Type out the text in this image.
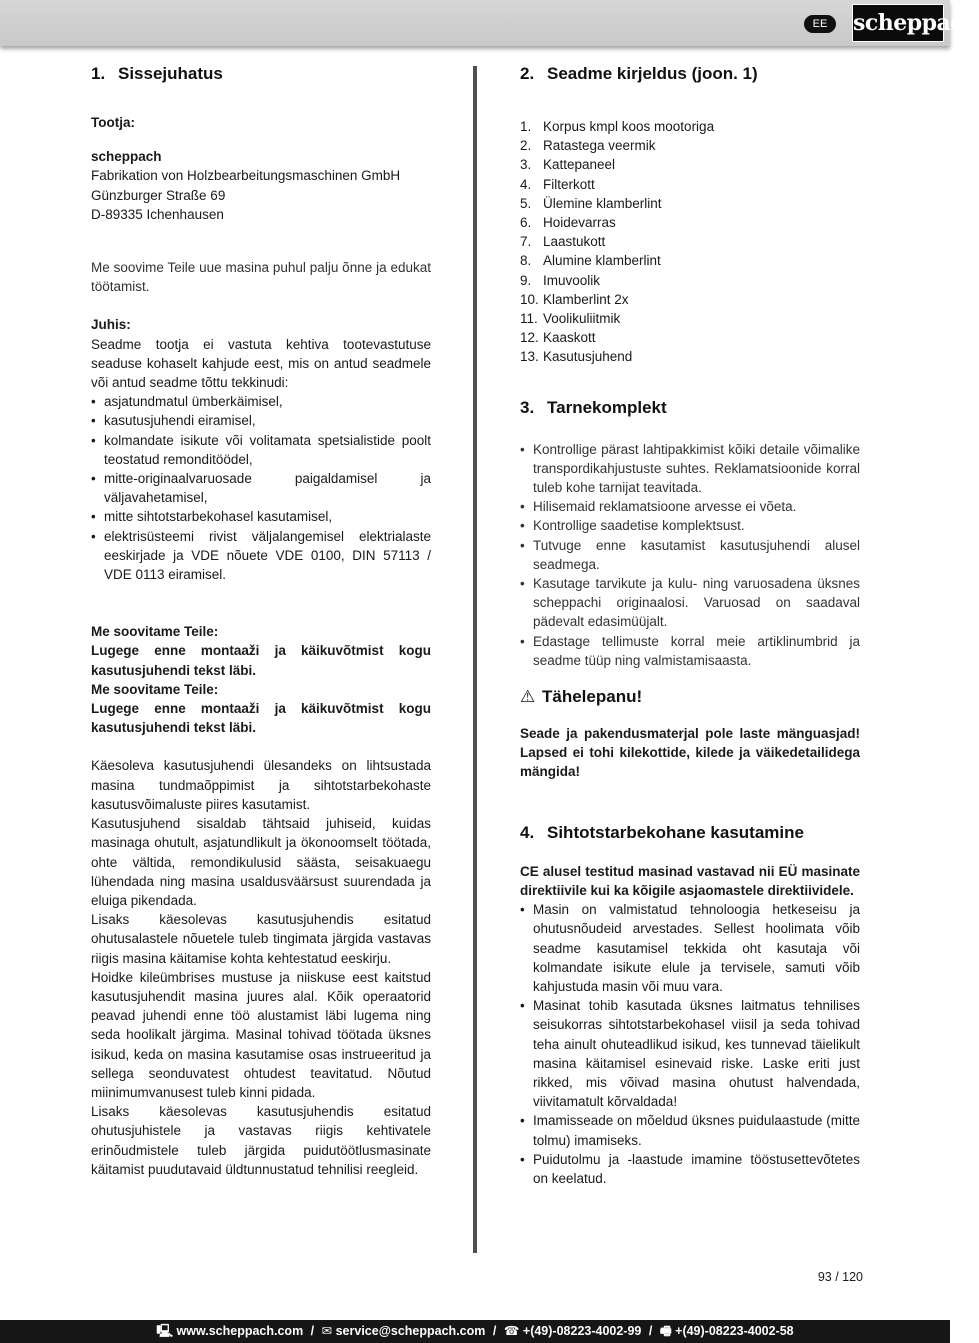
EE	scheppach
1. Sissejuhatus

Tootja:

scheppach

Fabrikation von Holzbearbeitungsmaschinen GmbH

Günzburger Straße 69

D-89335 Ichenhausen

Me soovime Teile uue masina puhul palju õnne ja edukat töötamist.

Juhis:

Seadme tootja ei vastuta kehtiva tootevastutuse seaduse kohaselt kahjude eest, mis on antud seadmele või antud seadme tõttu tekkinudi:

• asjatundmatul ümberkäimisel,
• kasutusjuhendi eiramisel,
• kolmandate isikute või volitamata spetsialistide poolt teostatud remonditöödel,
• mitte-originaalvaruosade paigaldamisel ja väljavahetamisel,
• mitte sihtotstarbekohasel kasutamisel,
• elektrisüsteemi rivist väljalangemisel elektrialaste eeskirjade ja VDE nõuete VDE 0100, DIN 57113 / VDE 0113 eiramisel.

Me soovitame Teile:

Lugege enne montaaži ja käikuvõtmist kogu kasutusjuhendi tekst läbi.

Me soovitame Teile:

Lugege enne montaaži ja käikuvõtmist kogu kasutusjuhendi tekst läbi.

Käesoleva kasutusjuhendi ülesandeks on lihtsustada masina tundmaõppimist ja sihtotstarbekohaste kasutusvõimaluste piires kasutamist.

Kasutusjuhend sisaldab tähtsaid juhiseid, kuidas masinaga ohutult, asjatundlikult ja ökonoomselt töötada, ohte vältida, remondikulusid säästa, seisakuaegu lühendada ning masina usaldusväärsust suurendada ja eluiga pikendada.

Lisaks käesolevas kasutusjuhendis esitatud ohutusalastele nõuetele tuleb tingimata järgida vastavas riigis masina käitamise kohta kehtestatud eeskirju.

Hoidke kileümbrises mustuse ja niiskuse eest kaitstud kasutusjuhendit masina juures alal. Kõik operaatorid peavad juhendi enne töö alustamist läbi lugema ning seda hoolikalt järgima. Masinal tohivad töötada üksnes isikud, keda on masina kasutamise osas instrueeritud ja sellega seonduvatest ohtudest teavitatud. Nõutud miinimumvanusest tuleb kinni pidada.

Lisaks käesolevas kasutusjuhendis esitatud ohutusjuhistele ja vastavas riigis kehtivatele erinõudmistele tuleb järgida puidutöötlusmasinate käitamist puudutavaid üldtunnustatud tehnilisi reegleid.

2. Seadme kirjeldus (joon. 1)
1. Korpus kmpl koos mootoriga
2. Ratastega veermik
3. Kattepaneel
4. Filterkott
5. Ülemine klamberlint
6. Hoidevarras
7. Laastukott
8. Alumine klamberlint
9. Imuvoolik
10. Klamberlint 2x
11. Voolikuliitmik
12. Kaaskott
13. Kasutusjuhend
3. Tarnekomplekt
• Kontrollige pärast lahtipakkimist kõiki detaile võimalike transpordikahjustuste suhtes. Reklamatsioonide korral tuleb kohe tarnijat teavitada.
• Hilisemaid reklamatsioone arvesse ei võeta.
• Kontrollige saadetise komplektsust.
• Tutvuge enne kasutamist kasutusjuhendi alusel seadmega.
• Kasutage tarvikute ja kulu- ning varuosadena üksnes scheppachi originaalosi. Varuosad on saadaval pädevalt edasimüüjalt.
• Edastage tellimuste korral meie artiklinumbrid ja seadme tüüp ning valmistamisaasta.
⚠ Tähelepanu!

Seade ja pakendusmaterjal pole laste mänguasjad! Lapsed ei tohi kilekottide, kilede ja väikedetailidega mängida!

4. Sihtotstarbekohane kasutamine

CE alusel testitud masinad vastavad nii EÜ masinate direktiivile kui ka kõigile asjaomastele direktiividele.

• Masin on valmistatud tehnoloogia hetkeseisu ja ohutusnõudeid arvestades. Sellest hoolimata võib seadme kasutamisel tekkida oht kasutaja või kolmandate isikute elule ja tervisele, samuti võib kahjustuda masin või muu vara.
• Masinat tohib kasutada üksnes laitmatus tehnilises seisukorras sihtotstarbekohasel viisil ja seda tohivad teha ainult ohuteadlikud isikud, kes tunnevad täielikult masina käitamisel esinevaid riske. Laske eriti just rikked, mis võivad masina ohutust halvendada, viivitamatult kõrvaldada!
• Imamisseade on mõeldud üksnes puidulaastude (mitte tolmu) imamiseks.
• Puidutolmu ja -laastude imamine tööstusettevõtetes on keelatud.
93 / 120
🖳 www.scheppach.com / ✉ service@scheppach.com / ☎ +(49)-08223-4002-99 / 🖷 +(49)-08223-4002-58
